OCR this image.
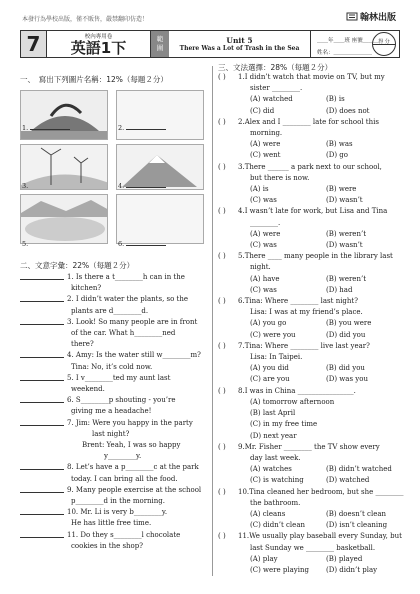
本發行為學校出版，僅不販售，嚴禁翻印仿造！	翰林出版
7	校內專用卷
英語1下	範
圍
Unit 5
There Was a Lot of Trash in the Sea
＿＿年＿＿班 座號＿＿＿
姓名：＿＿＿＿＿＿＿
得 分
一、　寫出下列圖片名稱：12%（每題２分）
1.	2.
3.	4.
5.	6.
二、文意字彙：22%（每題２分）
1.
Is there a t________h can in the
kitchen?
2.
I didn’t water the plants, so the
plants are d________d.
3.
Look! So many people are in front
of the car. What h________ned
there?
4.
Amy: Is the water still w________m?
Tina: No, it’s cold now.
5.
I v________ted my aunt last
weekend.
6.
S________p shouting - you’re
giving me a headache!
7.
Jim: Were you happy in the party
last night?
Brent: Yeah, I was so happy
y________y.
8.
Let’s have a p________c at the park
today. I can bring all the food.
9.
Many people exercise at the school
p________d in the morning.
10.
Mr. Li is very b________y.
He has little free time.
11.
Do they s________l chocolate
cookies in the shop?
三、文法選擇：28%（每題２分）
( )	1. I didn’t watch that movie on TV, but my
sister ________.
(A) watched	(B) is
(C) did	(D) does not
( )	2. Alex and I ________ late for school this
morning.
(A) were	(B) was
(C) went	(D) go
( )	3. There ______ a park next to our school,
but there is now.
(A) is	(B) were
(C) was	(D) wasn’t
( )	4. I wasn’t late for work, but Lisa and Tina
________.
(A) were	(B) weren’t
(C) was	(D) wasn’t
( )	5. There ____ many people in the library last
night.
(A) have	(B) weren’t
(C) was	(D) had
( )	6. Tina: Where ________ last night?
Lisa: I was at my friend’s place.
(A) you go	(B) you were
(C) were you	(D) did you
( )	7. Tina: Where ________ live last year?
Lisa: In Taipei.
(A) you did	(B) did you
(C) are you	(D) was you
( )	8. I was in China ________________.
(A) tomorrow afternoon
(B) last April
(C) in my free time
(D) next year
( )	9. Mr. Fisher ________ the TV show every
day last week.
(A) watches	(B) didn’t watched
(C) is watching	(D) watched
( )	10. Tina cleaned her bedroom, but she ________
the bathroom.
(A) cleans	(B) doesn’t clean
(C) didn’t clean	(D) isn’t cleaning
( )	11. We usually play baseball every Sunday, but
last Sunday we ________ basketball.
(A) play	(B) played
(C) were playing	(D) didn’t play
